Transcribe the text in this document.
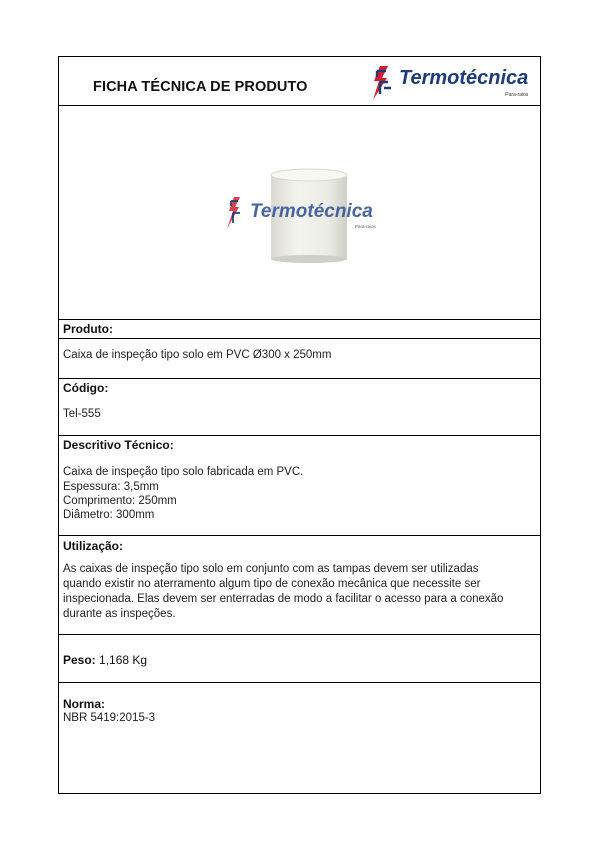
FICHA TÉCNICA DE PRODUTO	Termotécnica
Para-raios
Termotécnica
Para-raios
Produto:
Caixa de inspeção tipo solo em PVC Ø300 x 250mm
Código:
Tel-555
Descritivo Técnico:
Caixa de inspeção tipo solo fabricada em PVC.
Espessura: 3,5mm
Comprimento: 250mm
Diâmetro: 300mm
Utilização:
As caixas de inspeção tipo solo em conjunto com as tampas devem ser utilizadas
quando existir no aterramento algum tipo de conexão mecânica que necessite ser
inspecionada. Elas devem ser enterradas de modo a facilitar o acesso para a conexão
durante as inspeções.
Peso: 1,168 Kg
Norma:
NBR 5419:2015-3
